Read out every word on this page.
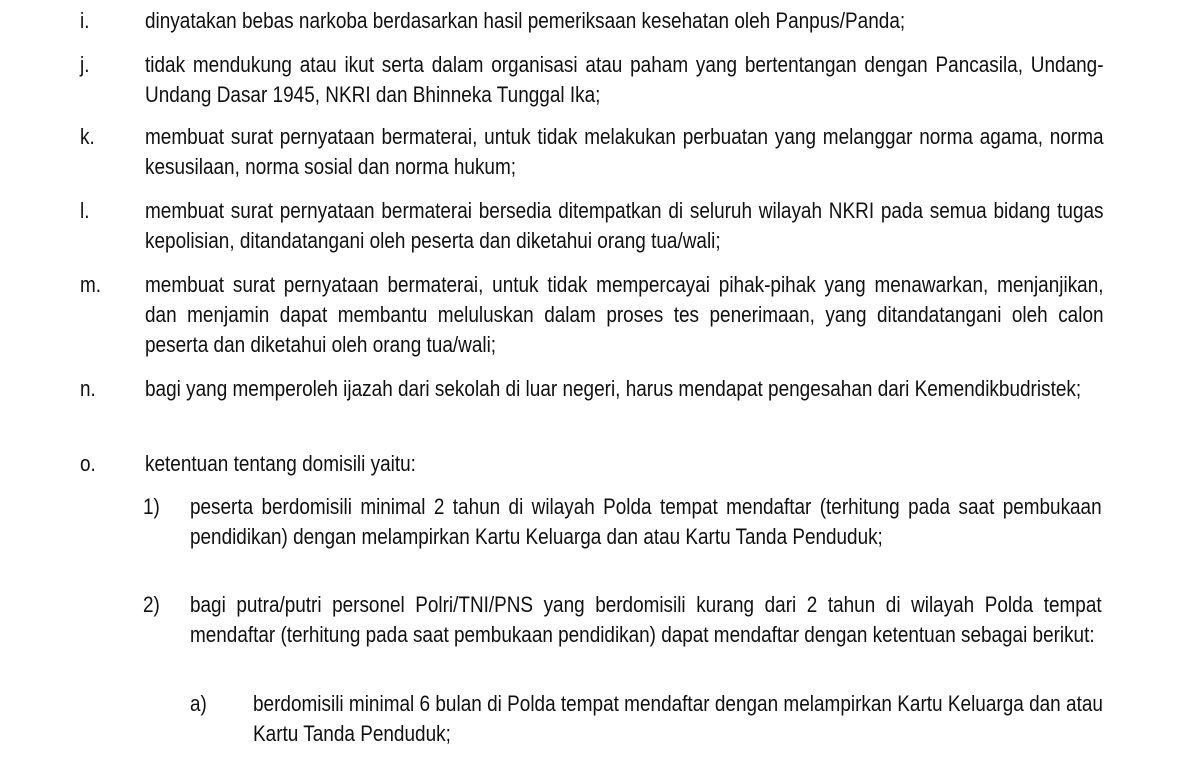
i.	dinyatakan bebas narkoba berdasarkan hasil pemeriksaan kesehatan oleh Panpus/Panda;
j.	tidak mendukung atau ikut serta dalam organisasi atau paham yang bertentangan dengan Pancasila, Undang-Undang Dasar 1945, NKRI dan Bhinneka Tunggal Ika;
k. membuat surat pernyataan bermaterai, untuk tidak melakukan perbuatan yang melanggar norma agama, norma kesusilaan, norma sosial dan norma hukum;
l.	membuat surat pernyataan bermaterai bersedia ditempatkan di seluruh wilayah NKRI pada semua bidang tugas kepolisian, ditandatangani oleh peserta dan diketahui orang tua/wali;
m. membuat surat pernyataan bermaterai, untuk tidak mempercayai pihak-pihak yang menawarkan, menjanjikan, dan menjamin dapat membantu meluluskan dalam proses tes penerimaan, yang ditandatangani oleh calon peserta dan diketahui oleh orang tua/wali;
n. bagi yang memperoleh ijazah dari sekolah di luar negeri, harus mendapat pengesahan dari Kemendikbudristek;
o. ketentuan tentang domisili yaitu:
1) peserta berdomisili minimal 2 tahun di wilayah Polda tempat mendaftar (terhitung pada saat pembukaan pendidikan) dengan melampirkan Kartu Keluarga dan atau Kartu Tanda Penduduk;
2) bagi putra/putri personel Polri/TNI/PNS yang berdomisili kurang dari 2 tahun di wilayah Polda tempat mendaftar (terhitung pada saat pembukaan pendidikan) dapat mendaftar dengan ketentuan sebagai berikut:
a) berdomisili minimal 6 bulan di Polda tempat mendaftar dengan melampirkan Kartu Keluarga dan atau Kartu Tanda Penduduk;
